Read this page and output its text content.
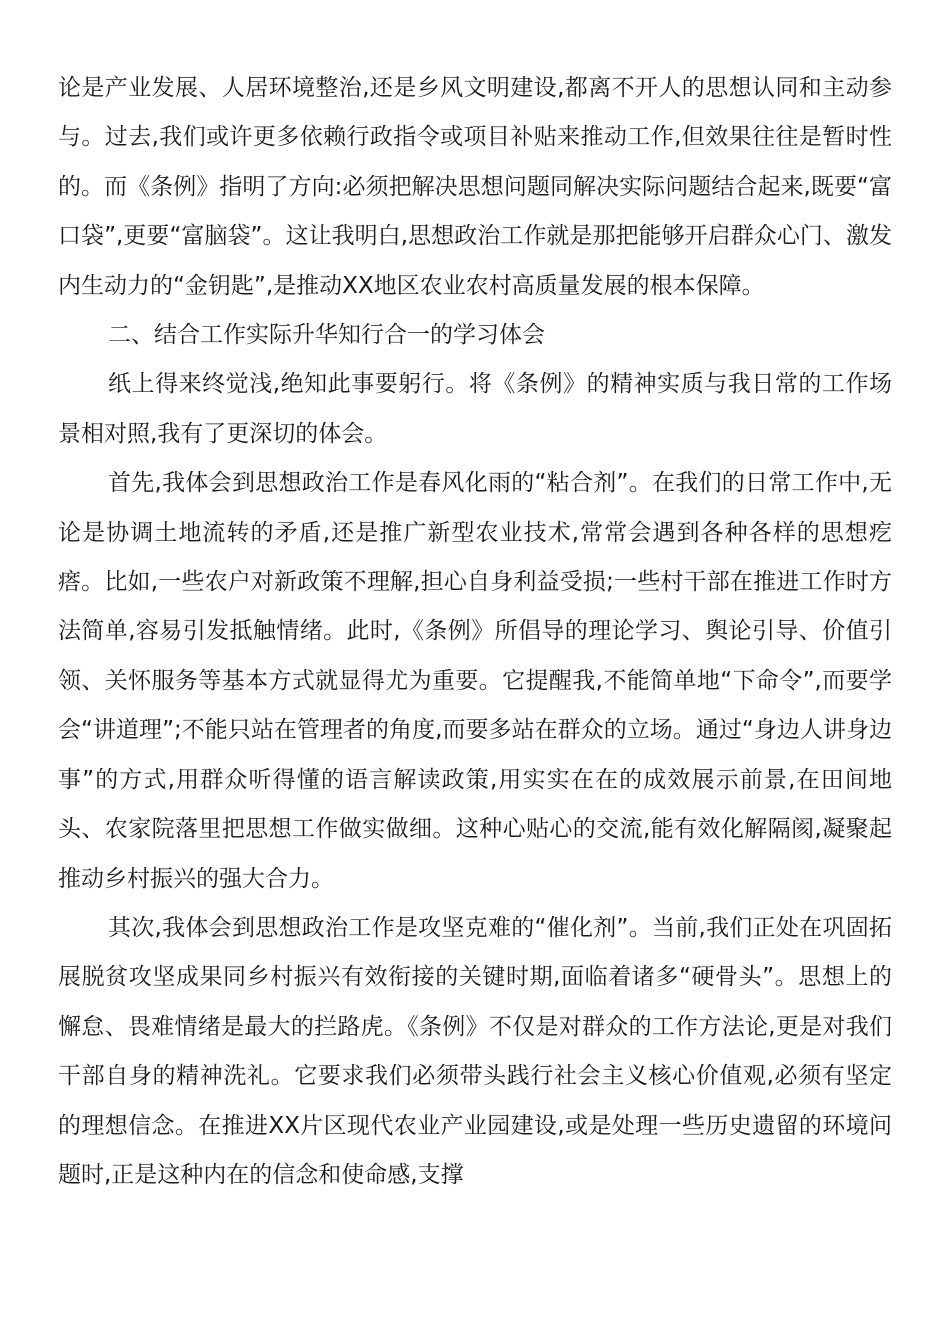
论是产业发展、人居环境整治,还是乡风文明建设,都离不开人的思想认同和主动参与。过去,我们或许更多依赖行政指令或项目补贴来推动工作,但效果往往是暂时性的。而《条例》指明了方向:必须把解决思想问题同解决实际问题结合起来,既要“富口袋”,更要“富脑袋”。这让我明白,思想政治工作就是那把能够开启群众心门、激发内生动力的“金钥匙”,是推动XX地区农业农村高质量发展的根本保障。

二、结合工作实际升华知行合一的学习体会

纸上得来终觉浅,绝知此事要躬行。将《条例》的精神实质与我日常的工作场景相对照,我有了更深切的体会。

首先,我体会到思想政治工作是春风化雨的“粘合剂”。在我们的日常工作中,无论是协调土地流转的矛盾,还是推广新型农业技术,常常会遇到各种各样的思想疙瘩。比如,一些农户对新政策不理解,担心自身利益受损;一些村干部在推进工作时方法简单,容易引发抵触情绪。此时,《条例》所倡导的理论学习、舆论引导、价值引领、关怀服务等基本方式就显得尤为重要。它提醒我,不能简单地“下命令”,而要学会“讲道理”;不能只站在管理者的角度,而要多站在群众的立场。通过“身边人讲身边事”的方式,用群众听得懂的语言解读政策,用实实在在的成效展示前景,在田间地头、农家院落里把思想工作做实做细。这种心贴心的交流,能有效化解隔阂,凝聚起推动乡村振兴的强大合力。

其次,我体会到思想政治工作是攻坚克难的“催化剂”。当前,我们正处在巩固拓展脱贫攻坚成果同乡村振兴有效衔接的关键时期,面临着诸多“硬骨头”。思想上的懈怠、畏难情绪是最大的拦路虎。《条例》不仅是对群众的工作方法论,更是对我们干部自身的精神洗礼。它要求我们必须带头践行社会主义核心价值观,必须有坚定的理想信念。在推进XX片区现代农业产业园建设,或是处理一些历史遗留的环境问题时,正是这种内在的信念和使命感,支撑
